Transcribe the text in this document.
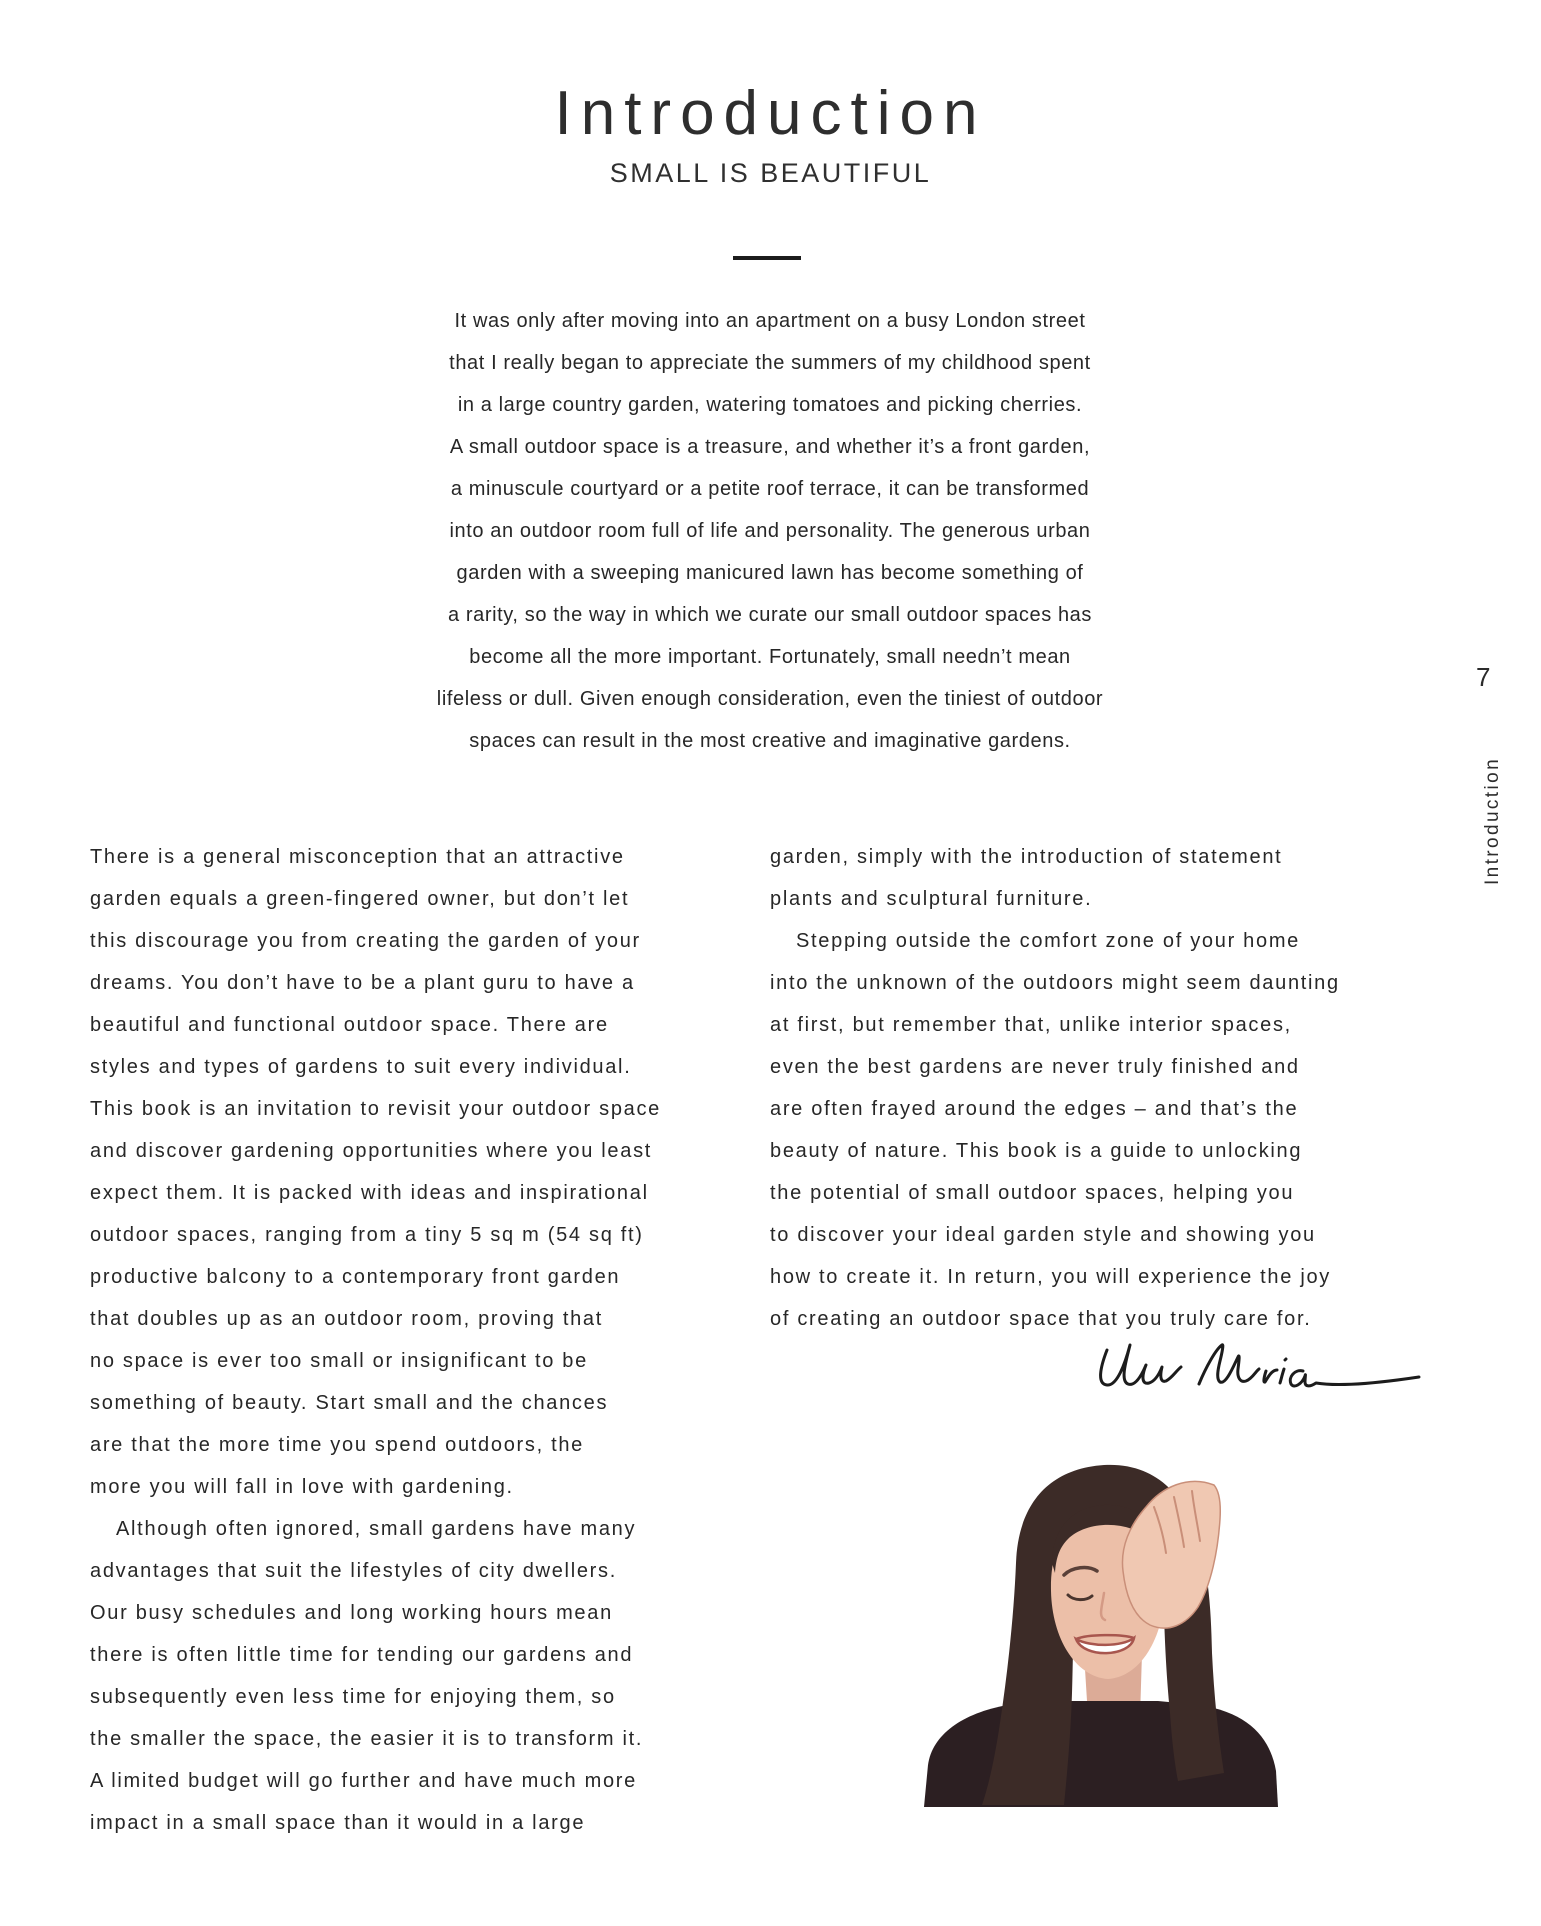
Introduction
SMALL IS BEAUTIFUL
It was only after moving into an apartment on a busy London street
that I really began to appreciate the summers of my childhood spent
in a large country garden, watering tomatoes and picking cherries.
A small outdoor space is a treasure, and whether it’s a front garden,
a minuscule courtyard or a petite roof terrace, it can be transformed
into an outdoor room full of life and personality. The generous urban
garden with a sweeping manicured lawn has become something of
a rarity, so the way in which we curate our small outdoor spaces has
become all the more important. Fortunately, small needn’t mean
lifeless or dull. Given enough consideration, even the tiniest of outdoor
spaces can result in the most creative and imaginative gardens.
There is a general misconception that an attractive
garden equals a green-fingered owner, but don’t let
this discourage you from creating the garden of your
dreams. You don’t have to be a plant guru to have a
beautiful and functional outdoor space. There are
styles and types of gardens to suit every individual.
This book is an invitation to revisit your outdoor space
and discover gardening opportunities where you least
expect them. It is packed with ideas and inspirational
outdoor spaces, ranging from a tiny 5 sq m (54 sq ft)
productive balcony to a contemporary front garden
that doubles up as an outdoor room, proving that
no space is ever too small or insignificant to be
something of beauty. Start small and the chances
are that the more time you spend outdoors, the
more you will fall in love with gardening.
Although often ignored, small gardens have many
advantages that suit the lifestyles of city dwellers.
Our busy schedules and long working hours mean
there is often little time for tending our gardens and
subsequently even less time for enjoying them, so
the smaller the space, the easier it is to transform it.
A limited budget will go further and have much more
impact in a small space than it would in a large
garden, simply with the introduction of statement
plants and sculptural furniture.
Stepping outside the comfort zone of your home
into the unknown of the outdoors might seem daunting
at first, but remember that, unlike interior spaces,
even the best gardens are never truly finished and
are often frayed around the edges – and that’s the
beauty of nature. This book is a guide to unlocking
the potential of small outdoor spaces, helping you
to discover your ideal garden style and showing you
how to create it. In return, you will experience the joy
of creating an outdoor space that you truly care for.
7
Introduction
